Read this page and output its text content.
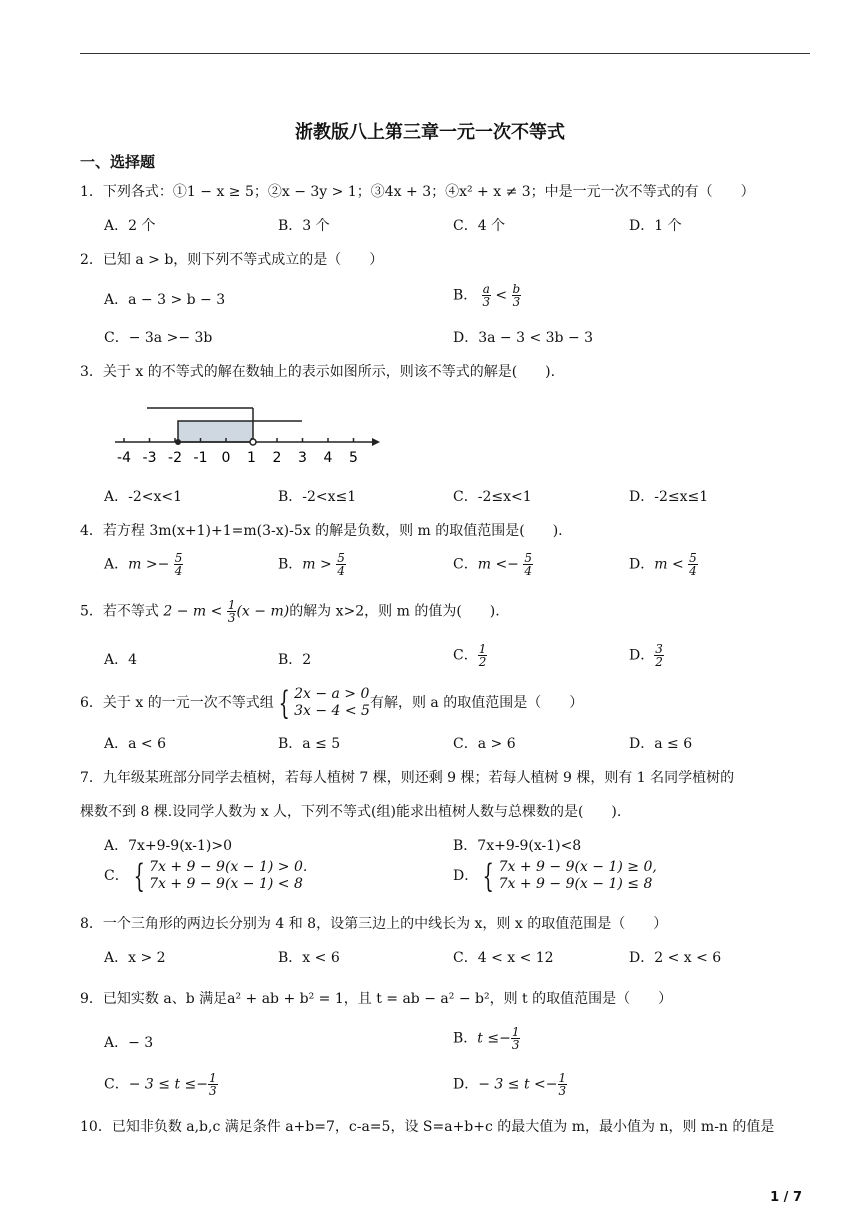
浙教版八上第三章一元一次不等式
一、选择题
1．下列各式：①1 − x ≥ 5；②x − 3y > 1；③4x + 3；④x² + x ≠ 3；中是一元一次不等式的有（　　）
A．2 个	B．3 个	C．4 个	D．1 个
2．已知 a > b，则下列不等式成立的是（　　）
A．a − 3 > b − 3	B． $\frac{a}{3} < \frac{b}{3}$
C．− 3a >− 3b	D．3a − 3 < 3b − 3
3．关于 x 的不等式的解在数轴上的表示如图所示，则该不等式的解是(　　).
-4 -3 -2 -1 0 1 2 3 4 5
A．-2<x<1	B．-2<x≤1	C．-2≤x<1	D．-2≤x≤1
4．若方程 3m(x+1)+1=m(3-x)-5x 的解是负数，则 m 的取值范围是(　　).
A．$m >- \frac{5}{4}$	B．$m > \frac{5}{4}$	C．$m <- \frac{5}{4}$	D．$m < \frac{5}{4}$
5．若不等式 $2 - m < \frac{1}{3} (x - m)$的解为 x>2，则 m 的值为(　　).
A．4	B．2	C． $\frac{1}{2}$	D． $\frac{3}{2}$
6．关于 x 的一元一次不等式组 { 2x − a > 0
3x − 4 < 5 有解，则 a 的取值范围是（　　）
A．a < 6	B．a ≤ 5	C．a > 6	D．a ≤ 6
7．九年级某班部分同学去植树，若每人植树 7 棵，则还剩 9 棵；若每人植树 9 棵，则有 1 名同学植树的
棵数不到 8 棵.设同学人数为 x 人，下列不等式(组)能求出植树人数与总棵数的是(　　).
A．7x+9-9(x-1)>0	B．7x+9-9(x-1)<8
C． { 7x + 9 − 9(x − 1) > 0.
7x + 9 − 9(x − 1) < 8	D． { 7x + 9 − 9(x − 1) ≥ 0,
7x + 9 − 9(x − 1) ≤ 8
8．一个三角形的两边长分别为 4 和 8，设第三边上的中线长为 x，则 x 的取值范围是（　　）
A．x > 2	B．x < 6	C．4 < x < 12	D．2 < x < 6
9．已知实数 a、b 满足a² + ab + b² = 1，且 t = ab − a² − b²，则 t 的取值范围是（　　）
A．− 3	B．$t \le- \frac{1}{3}$
C．− $3 \le t \le- \frac{1}{3}$	D．− $3 \le t <- \frac{1}{3}$
10．已知非负数 a,b,c 满足条件 a+b=7，c-a=5，设 S=a+b+c 的最大值为 m，最小值为 n，则 m-n 的值是
1 / 7
